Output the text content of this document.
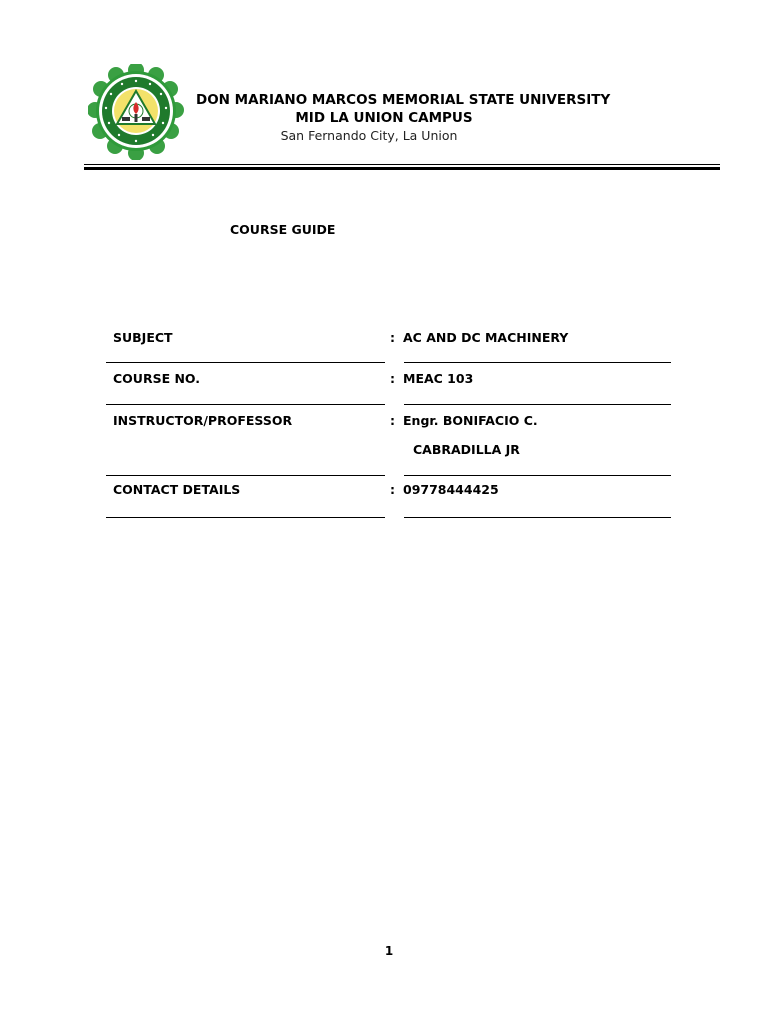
DON MARIANO MARCOS MEMORIAL STATE UNIVERSITY
MID LA UNION CAMPUS
San Fernando City, La Union
COURSE GUIDE
SUBJECT	: AC AND DC MACHINERY
COURSE NO.	: MEAC 103
INSTRUCTOR/PROFESSOR	: Engr. BONIFACIO C.
CABRADILLA JR
CONTACT DETAILS	: 09778444425
1
